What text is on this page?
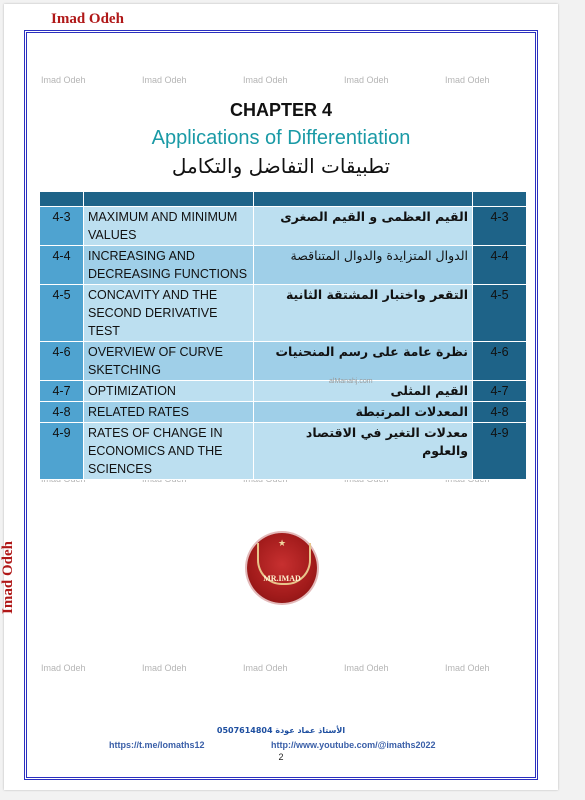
Imad Odeh
Imad Odeh
Imad Odeh	Imad Odeh	Imad Odeh	Imad Odeh	Imad Odeh
Imad Odeh	Imad Odeh	Imad Odeh	Imad Odeh	Imad Odeh
CHAPTER 4
Applications of Differentiation
تطبيقات التفاضل والتكامل

4-3	MAXIMUM AND MINIMUM VALUES	القيم العظمى و القيم الصغرى	4-3
4-4	INCREASING AND DECREASING FUNCTIONS	الدوال المتزايدة والدوال المتناقصة	4-4
4-5	CONCAVITY AND THE SECOND DERIVATIVE TEST	التقعر واختبار المشتقة الثانية	4-5
4-6	OVERVIEW OF CURVE SKETCHING	نظرة عامة على رسم المنحنيات	4-6
4-7	OPTIMIZATION	القيم المثلى	4-7
4-8	RELATED RATES	المعدلات المرتبطة	4-8
4-9	RATES OF CHANGE IN ECONOMICS AND THE SCIENCES	معدلات التغير في الاقتصاد والعلوم	4-9
alManahj.com
★
MR.IMAD
الأستاذ عماد عودة 0507614804
https://t.me/lomaths12	http://www.youtube.com/@imaths2022
2
